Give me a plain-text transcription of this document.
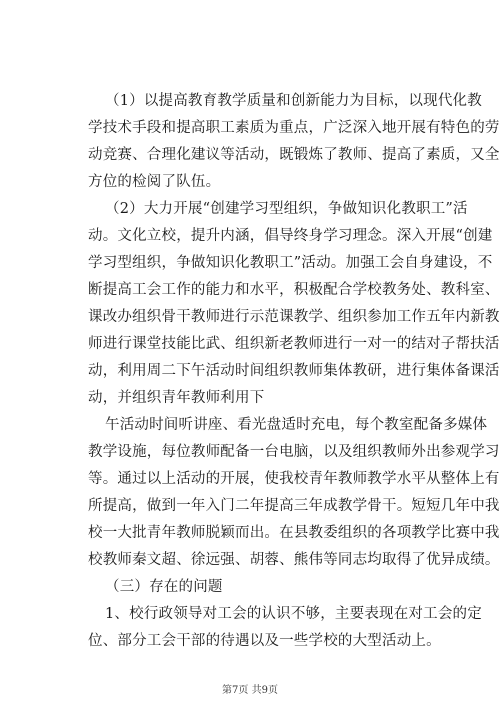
（1）以提高教育教学质量和创新能力为目标，以现代化教
学技术手段和提高职工素质为重点，广泛深入地开展有特色的劳
动竞赛、合理化建议等活动，既锻炼了教师、提高了素质，又全
方位的检阅了队伍。
（2）大力开展“创建学习型组织，争做知识化教职工”活
动。文化立校，提升内涵，倡导终身学习理念。深入开展“创建
学习型组织，争做知识化教职工”活动。加强工会自身建设，不
断提高工会工作的能力和水平，积极配合学校教务处、教科室、
课改办组织骨干教师进行示范课教学、组织参加工作五年内新教
师进行课堂技能比武、组织新老教师进行一对一的结对子帮扶活
动，利用周二下午活动时间组织教师集体教研，进行集体备课活
动，并组织青年教师利用下
午活动时间听讲座、看光盘适时充电，每个教室配备多媒体
教学设施，每位教师配备一台电脑，以及组织教师外出参观学习
等。通过以上活动的开展，使我校青年教师教学水平从整体上有
所提高，做到一年入门二年提高三年成教学骨干。短短几年中我
校一大批青年教师脱颖而出。在县教委组织的各项教学比赛中我
校教师秦文超、徐远强、胡蓉、熊伟等同志均取得了优异成绩。
（三）存在的问题
1、校行政领导对工会的认识不够，主要表现在对工会的定
位、部分工会干部的待遇以及一些学校的大型活动上。
第7页 共9页
